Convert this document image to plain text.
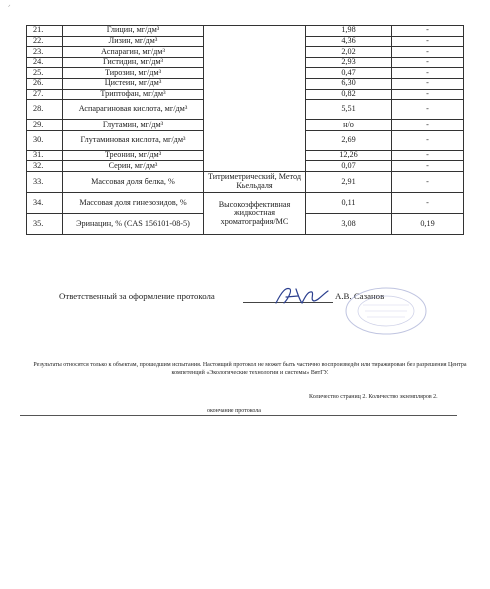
ᐟ
21.	Глицин, мг/дм³		1,98	-
22.	Лизин, мг/дм³		4,36	-
23.	Аспарагин, мг/дм³		2,02	-
24.	Гистидин, мг/дм³		2,93	-
25.	Тирозин, мг/дм³		0,47	-
26.	Цистеин, мг/дм³		6,30	-
27.	Триптофан, мг/дм³		0,82	-
28.	Аспарагиновая кислота, мг/дм³		5,51	-
29.	Глутамин, мг/дм³		н/о	-
30.	Глутаминовая кислота, мг/дм³		2,69	-
31.	Треонин, мг/дм³		12,26	-
32.	Серин, мг/дм³		0,07	-
33.	Массовая доля белка, %	Титриметрический, Метод Кьельдаля	2,91	-
34.	Массовая доля гинезозидов, %	Высокоэффективная жидкостная хроматография/МС	0,11	-
35.	Эринацин, % (CAS 156101-08-5)		3,08	0,19
Ответственный за оформление протокола	А.В. Сазанов
Результаты относятся только к объектам, прошедшим испытания. Настоящий протокол не может быть частично воспроизведён или тиражирован без разрешения Центра компетенций «Экологические технологии и системы» ВятГУ.
Количество страниц 2. Количество экземпляров 2.
окончание протокола
